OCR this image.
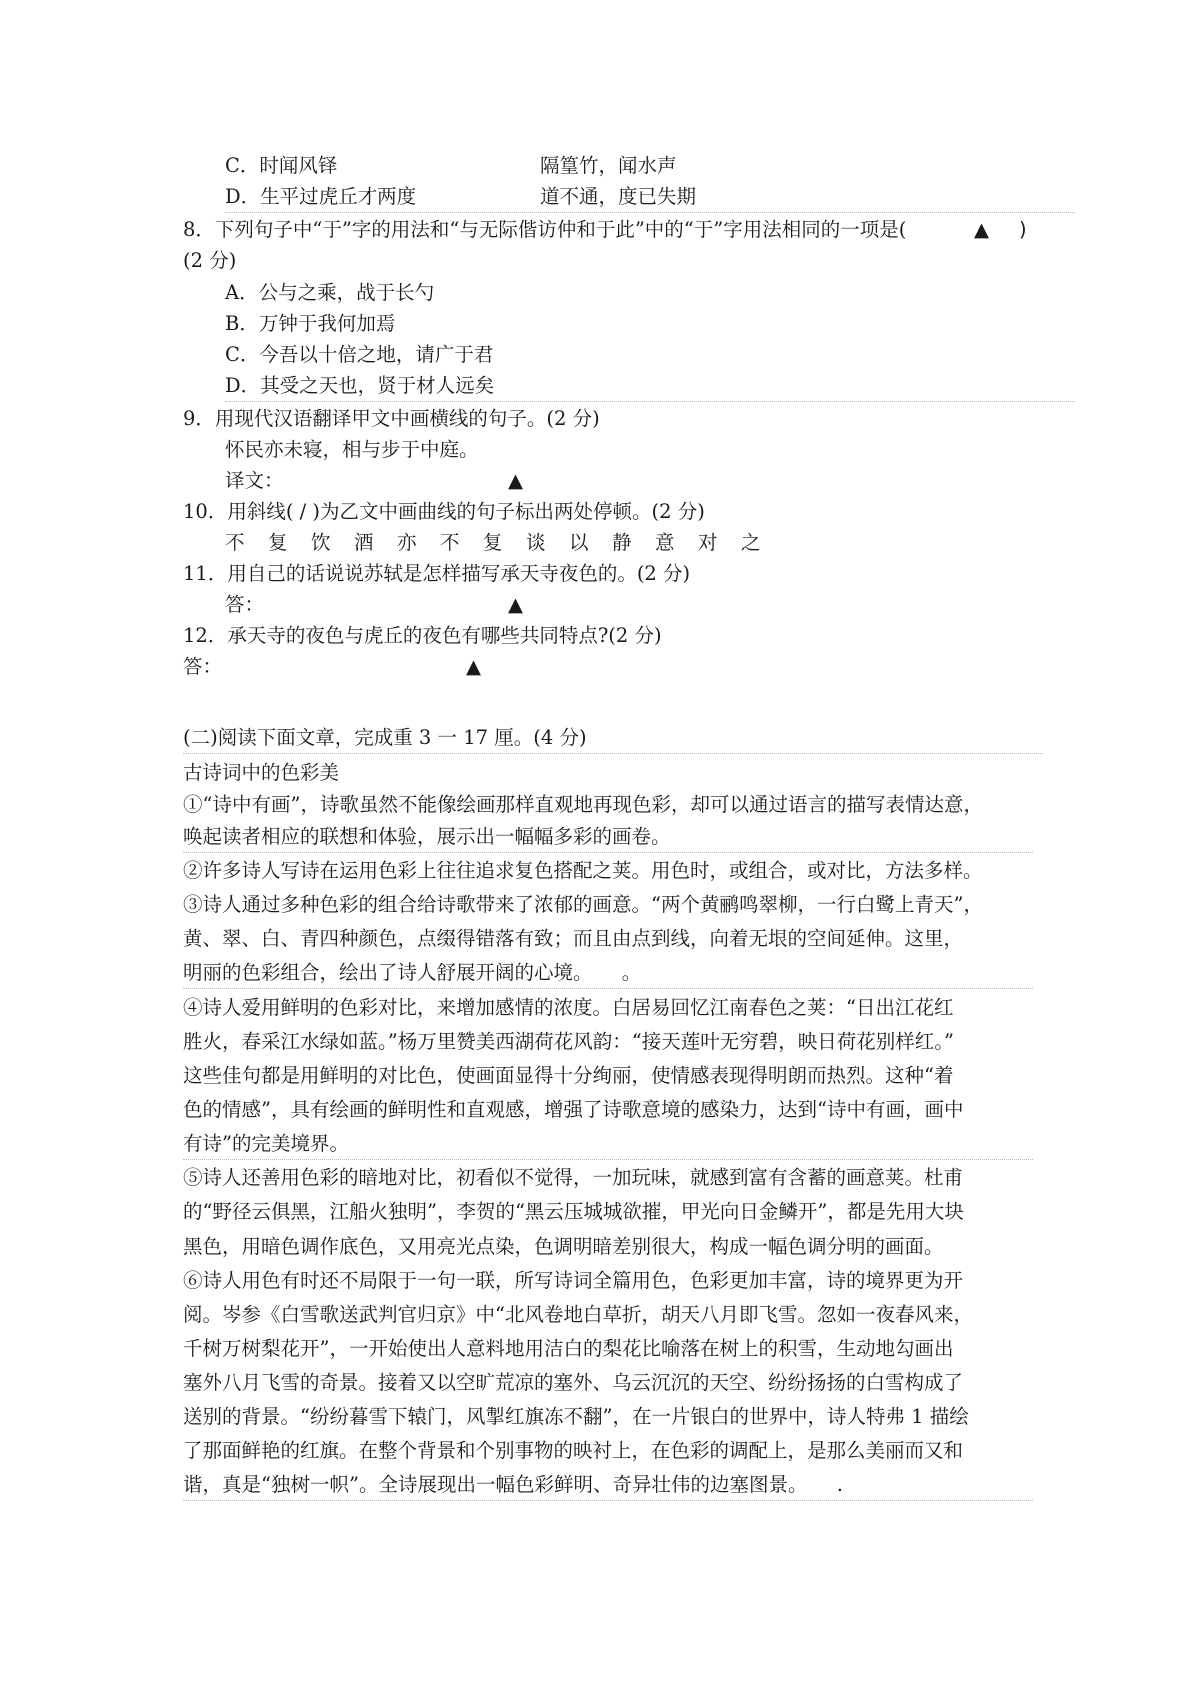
C．时闻风铎	隔篁竹，闻水声
D．生平过虎丘才两度	道不通，度已失期
8．下列句子中“于”字的用法和“与无际偕访仲和于此”中的“于”字用法相同的一项是(	▲ )
(2 分)
A．公与之乘，战于长勺
B．万钟于我何加焉
C．今吾以十倍之地，请广于君
D．其受之天也，贤于材人远矣
9．用现代汉语翻译甲文中画横线的句子。(2 分)
怀民亦未寝，相与步于中庭。
译文：	▲
10．用斜线( / )为乙文中画曲线的句子标出两处停顿。(2 分)
不 复 饮 酒 亦 不 复 谈 以 静 意 对 之
11．用自己的话说说苏轼是怎样描写承天寺夜色的。(2 分)
答：	▲
12．承天寺的夜色与虎丘的夜色有哪些共同特点?(2 分)
答：	▲
(二)阅读下面文章，完成重 3 一 17 厘。(4 分)
古诗词中的色彩美
①“诗中有画”，诗歌虽然不能像绘画那样直观地再现色彩，却可以通过语言的描写表情达意，
唤起读者相应的联想和体验，展示出一幅幅多彩的画卷。
②许多诗人写诗在运用色彩上往往追求复色搭配之荚。用色时，或组合，或对比，方法多样。
③诗人通过多种色彩的组合给诗歌带来了浓郁的画意。“两个黄鹂鸣翠柳，一行白鹭上青天”，
黄、翠、白、青四种颜色，点缀得错落有致；而且由点到线，向着无垠的空间延伸。这里，
明丽的色彩组合，绘出了诗人舒展开阔的心境。　　。
④诗人爱用鲜明的色彩对比，来增加感情的浓度。白居易回忆江南春色之荚：“日出江花红
胜火，春采江水绿如蓝。”杨万里赞美西湖荷花风韵：“接天莲叶无穷碧，映日荷花别样红。”
这些佳句都是用鲜明的对比色，使画面显得十分绚丽，使情感表现得明朗而热烈。这种“着
色的情感”，具有绘画的鲜明性和直观感，增强了诗歌意境的感染力，达到“诗中有画，画中
有诗”的完美境界。
⑤诗人还善用色彩的暗地对比，初看似不觉得，一加玩味，就感到富有含蓄的画意荚。杜甫
的“野径云俱黑，江船火独明”，李贺的“黑云压城城欲摧，甲光向日金鳞开”，都是先用大块
黑色，用暗色调作底色，又用亮光点染，色调明暗差别很大，构成一幅色调分明的画面。
⑥诗人用色有时还不局限于一句一联，所写诗词全篇用色，色彩更加丰富，诗的境界更为开
阅。岑参《白雪歌送武判官归京》中“北风卷地白草折，胡天八月即飞雪。忽如一夜春风来，
千树万树梨花开”，一开始使出人意料地用洁白的梨花比喻落在树上的积雪，生动地勾画出
塞外八月飞雪的奇景。接着又以空旷荒凉的塞外、乌云沉沉的天空、纷纷扬扬的白雪构成了
送别的背景。“纷纷暮雪下辕门，风掣红旗冻不翻”，在一片银白的世界中，诗人特弗 1 描绘
了那面鲜艳的红旗。在整个背景和个别事物的映衬上，在色彩的调配上，是那么美丽而又和
谐，真是“独树一帜”。全诗展现出一幅色彩鲜明、奇异壮伟的边塞图景。　　.
